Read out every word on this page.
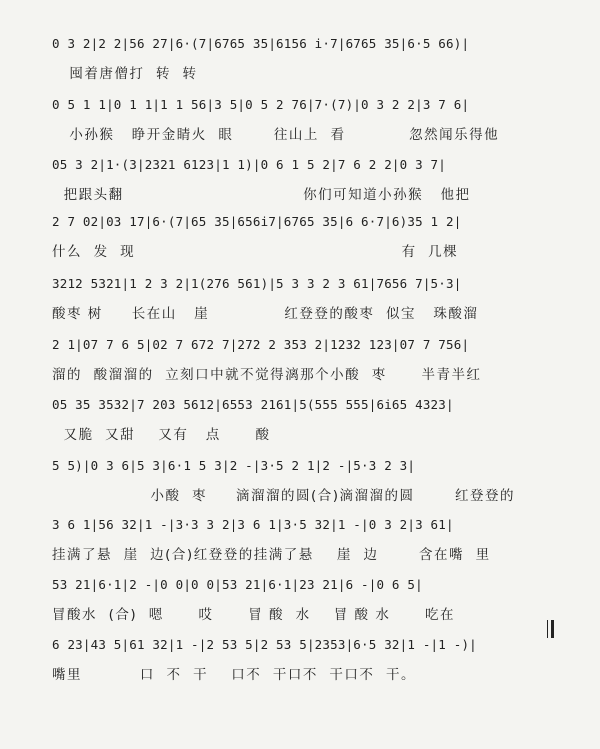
0 3 2|2 2|56 27|6·(7|6765 35|6156 i·7|6765 35|6·5 66)|
囤着唐僧打  转  转
0 5 1 1|0 1 1|1 1 56|3 5|0 5 2 76|7·(7)|0 3 2 2|3 7 6|
小孙猴   睁开金睛火  眼       往山上  看           忽然闻乐得他
05 3 2|1·(3|2321 6123|1 1)|0 6 1 5 2|7 6 2 2|0 3 7|
把跟头翻                               你们可知道小孙猴   他把
2 7 02|03 17|6·(7|65 35|656i7|6765 35|6 6·7|6)35 1 2|
什么  发  现                                              有  几棵
3212 5321|1 2 3 2|1(276 561)|5 3 3 2 3 61|7656 7|5·3|
酸枣 树     长在山   崖             红登登的酸枣  似宝   珠酸溜
2 1|07 7 6 5|02 7 672 7|272 2 353 2|1232 123|07 7 756|
溜的  酸溜溜的  立刻口中就不觉得漓那个小酸  枣      半青半红
05 35 3532|7 203 5612|6553 2161|5(555 555|6i65 4323|
又脆  又甜    又有   点      酸
5 5)|0 3 6|5 3|6·1 5 3|2 -|3·5 2 1|2 -|5·3 2 3|
小酸  枣     滴溜溜的圆(合)滴溜溜的圆       红登登的
3 6 1|56 32|1 -|3·3 3 2|3 6 1|3·5 32|1 -|0 3 2|3 61|
挂满了悬  崖  边(合)红登登的挂满了悬    崖  边       含在嘴  里
53 21|6·1|2 -|0 0|0 0|53 21|6·1|23 21|6 -|0 6 5|
冒酸水  (合)  嗯      哎      冒 酸  水    冒 酸 水      吃在
6 23|43 5|61 32|1 -|2 53 5|2 53 5|2353|6·5 32|1 -|1 -)|
嘴里          口  不  干    口不  干口不  干口不  干。
